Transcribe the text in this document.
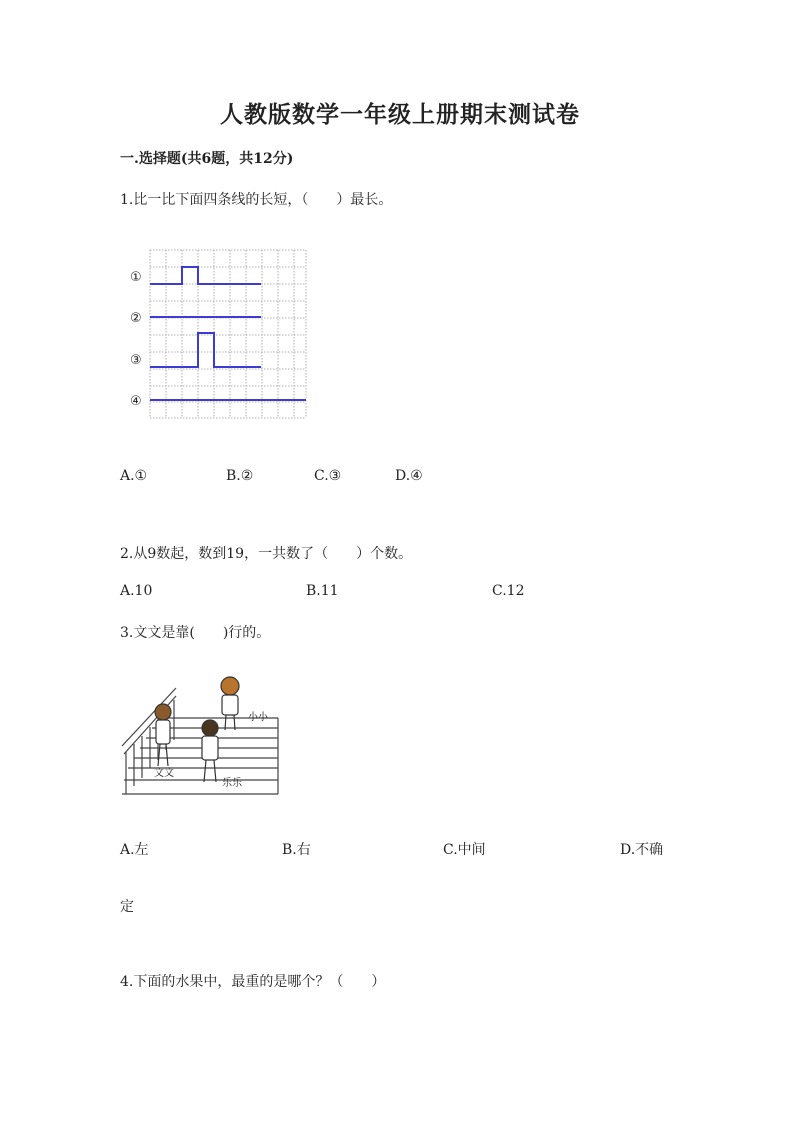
人教版数学一年级上册期末测试卷
一.选择题(共6题，共12分)
1.比一比下面四条线的长短，（　　）最长。
①
②
③
④
A.①	B.②	C.③	D.④
2.从9数起，数到19，一共数了（　　）个数。
A.10	B.11	C.12
3.文文是靠(　　)行的。
小小
文文
乐乐
A.左	B.右	C.中间	D.不确
定
4.下面的水果中，最重的是哪个？（　　）
